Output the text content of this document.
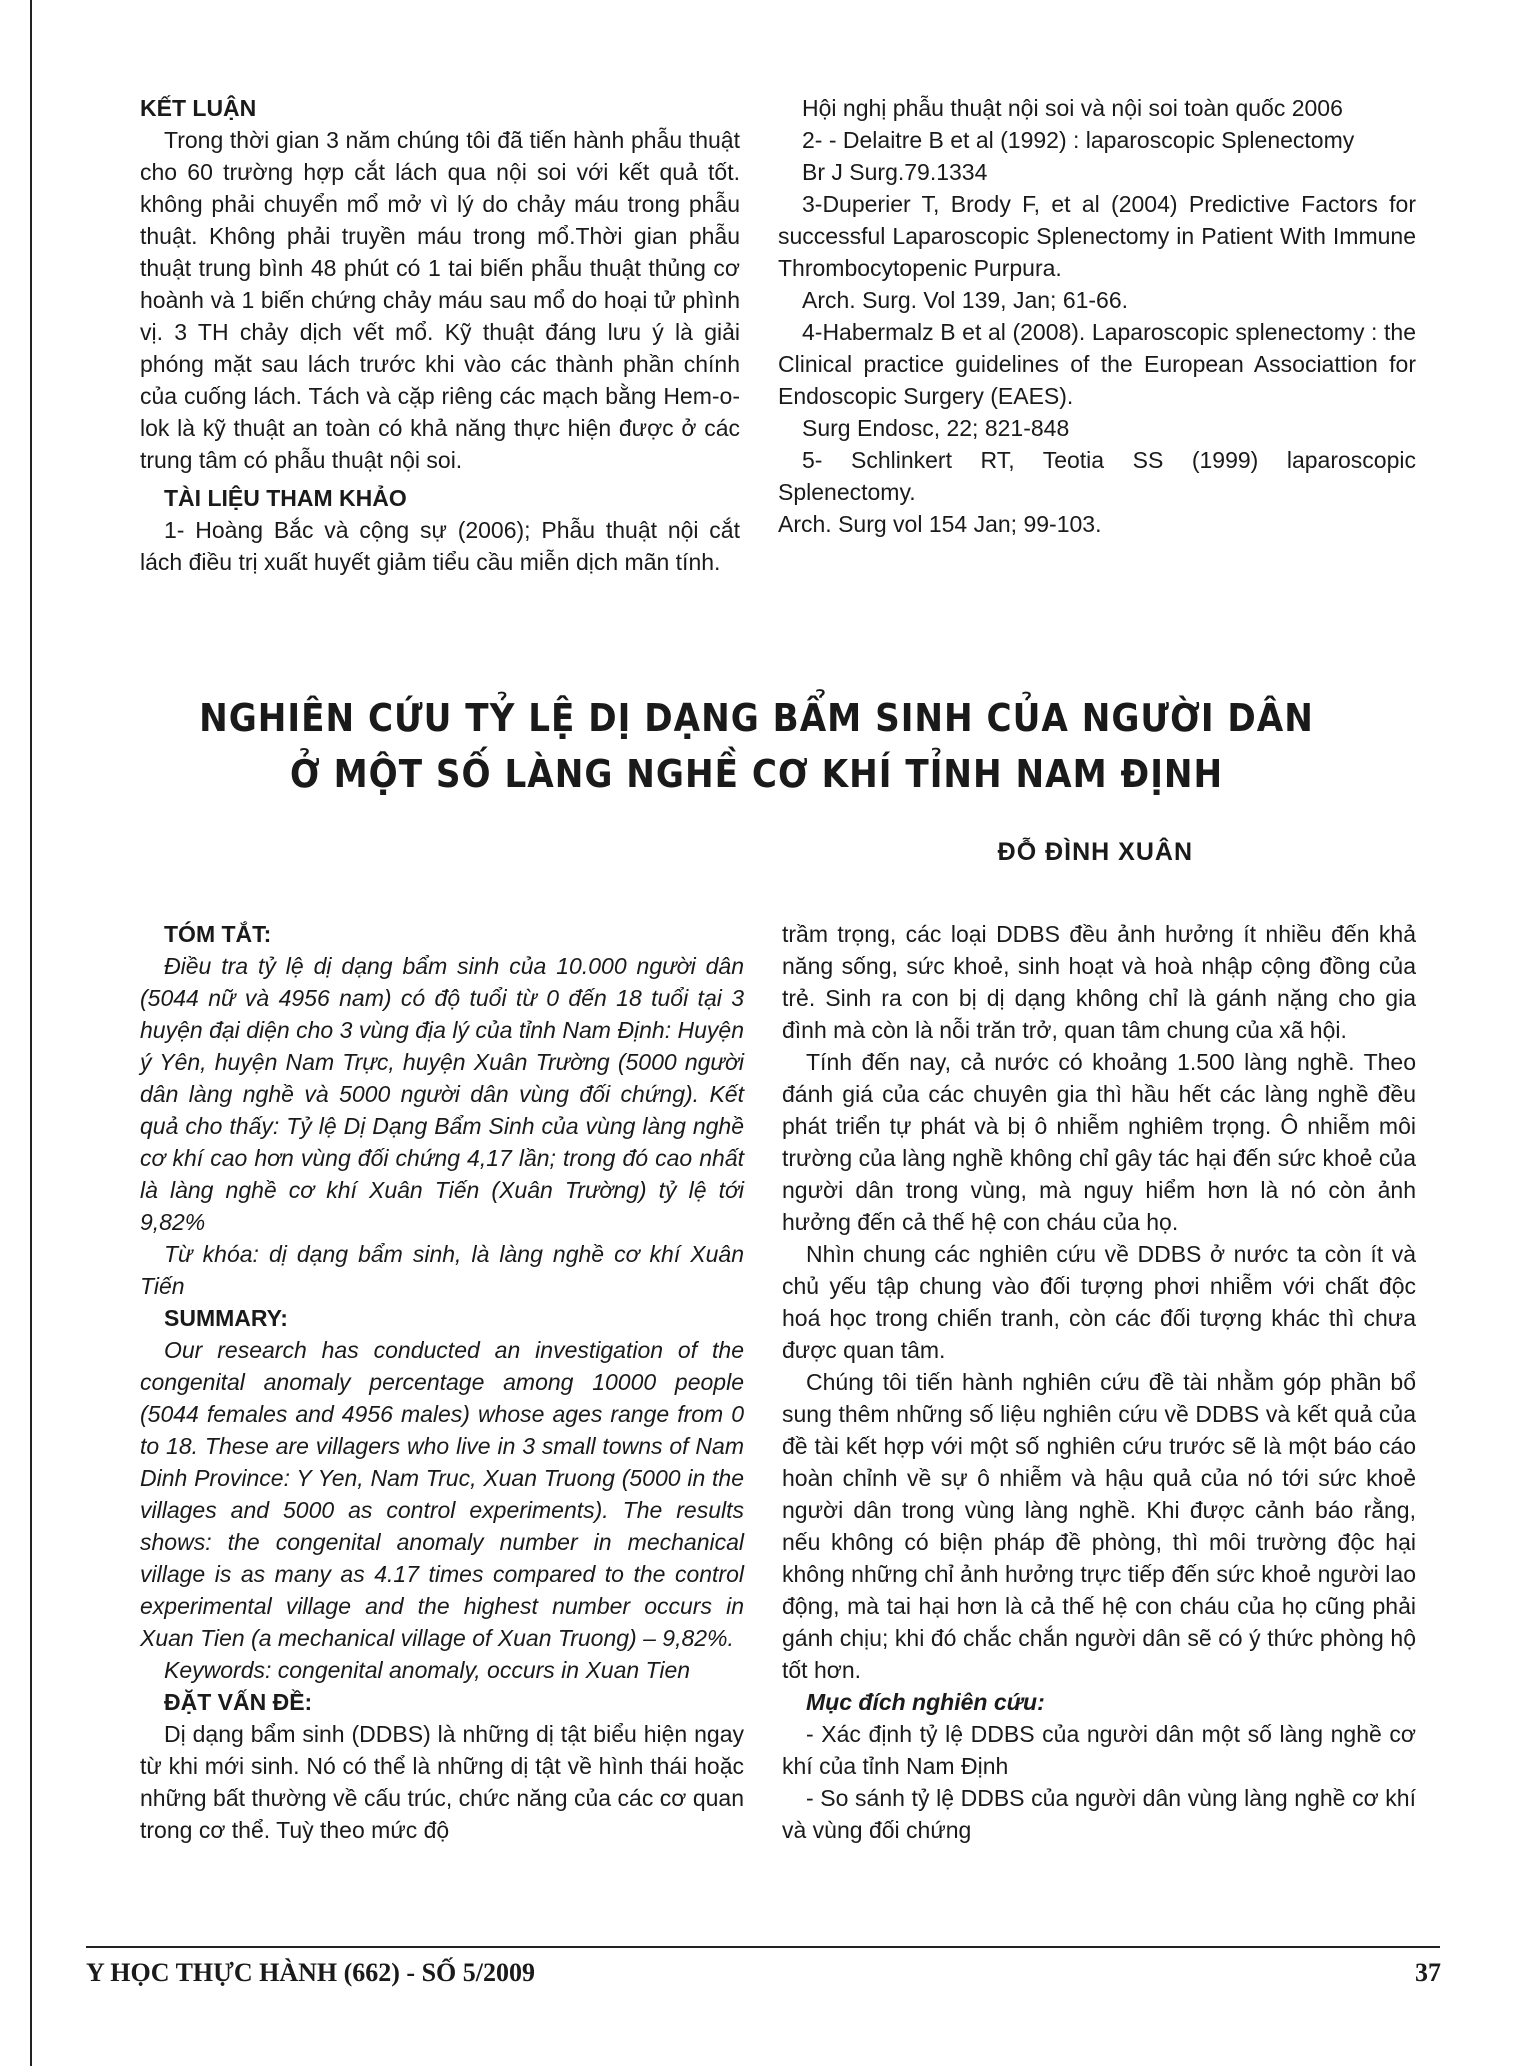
KẾT LUẬN

Trong thời gian 3 năm chúng tôi đã tiến hành phẫu thuật cho 60 trường hợp cắt lách qua nội soi với kết quả tốt. không phải chuyển mổ mở vì lý do chảy máu trong phẫu thuật. Không phải truyền máu trong mổ.Thời gian phẫu thuật trung bình 48 phút có 1 tai biến phẫu thuật thủng cơ hoành và 1 biến chứng chảy máu sau mổ do hoại tử phình vị. 3 TH chảy dịch vết mổ. Kỹ thuật đáng lưu ý là giải phóng mặt sau lách trước khi vào các thành phần chính của cuống lách. Tách và cặp riêng các mạch bằng Hem-o-lok là kỹ thuật an toàn có khả năng thực hiện được ở các trung tâm có phẫu thuật nội soi.

TÀI LIỆU THAM KHẢO

1- Hoàng Bắc và cộng sự (2006); Phẫu thuật nội cắt lách điều trị xuất huyết giảm tiểu cầu miễn dịch mãn tính.

Hội nghị phẫu thuật nội soi và nội soi toàn quốc 2006

2- - Delaitre B et al (1992) : laparoscopic Splenectomy

Br J Surg.79.1334

3-Duperier T, Brody F, et al (2004) Predictive Factors for successful Laparoscopic Splenectomy in Patient With Immune Thrombocytopenic Purpura.

Arch. Surg. Vol 139, Jan; 61-66.

4-Habermalz B et al (2008). Laparoscopic splenectomy : the Clinical practice guidelines of the European Associattion for Endoscopic Surgery (EAES).

Surg Endosc, 22; 821-848

5- Schlinkert RT, Teotia SS (1999) laparoscopic Splenectomy.

Arch. Surg vol 154 Jan; 99-103.

NGHIÊN CỨU TỶ LỆ DỊ DẠNG BẨM SINH CỦA NGƯỜI DÂN
Ở MỘT SỐ LÀNG NGHỀ CƠ KHÍ TỈNH NAM ĐỊNH
ĐỖ ĐÌNH XUÂN
TÓM TẮT:

Điều tra tỷ lệ dị dạng bẩm sinh của 10.000 người dân (5044 nữ và 4956 nam) có độ tuổi từ 0 đến 18 tuổi tại 3 huyện đại diện cho 3 vùng địa lý của tỉnh Nam Định: Huyện ý Yên, huyện Nam Trực, huyện Xuân Trường (5000 người dân làng nghề và 5000 người dân vùng đối chứng). Kết quả cho thấy: Tỷ lệ Dị Dạng Bẩm Sinh của vùng làng nghề cơ khí cao hơn vùng đối chứng 4,17 lần; trong đó cao nhất là làng nghề cơ khí Xuân Tiến (Xuân Trường) tỷ lệ tới 9,82%

Từ khóa: dị dạng bẩm sinh, là làng nghề cơ khí Xuân Tiến

SUMMARY:

Our research has conducted an investigation of the congenital anomaly percentage among 10000 people (5044 females and 4956 males) whose ages range from 0 to 18. These are villagers who live in 3 small towns of Nam Dinh Province: Y Yen, Nam Truc, Xuan Truong (5000 in the villages and 5000 as control experiments). The results shows: the congenital anomaly number in mechanical village is as many as 4.17 times compared to the control experimental village and the highest number occurs in Xuan Tien (a mechanical village of Xuan Truong) – 9,82%.

Keywords: congenital anomaly, occurs in Xuan Tien

ĐẶT VẤN ĐỀ:

Dị dạng bẩm sinh (DDBS) là những dị tật biểu hiện ngay từ khi mới sinh. Nó có thể là những dị tật về hình thái hoặc những bất thường về cấu trúc, chức năng của các cơ quan trong cơ thể. Tuỳ theo mức độ

trầm trọng, các loại DDBS đều ảnh hưởng ít nhiều đến khả năng sống, sức khoẻ, sinh hoạt và hoà nhập cộng đồng của trẻ. Sinh ra con bị dị dạng không chỉ là gánh nặng cho gia đình mà còn là nỗi trăn trở, quan tâm chung của xã hội.

Tính đến nay, cả nước có khoảng 1.500 làng nghề. Theo đánh giá của các chuyên gia thì hầu hết các làng nghề đều phát triển tự phát và bị ô nhiễm nghiêm trọng. Ô nhiễm môi trường của làng nghề không chỉ gây tác hại đến sức khoẻ của người dân trong vùng, mà nguy hiểm hơn là nó còn ảnh hưởng đến cả thế hệ con cháu của họ.

Nhìn chung các nghiên cứu về DDBS ở nước ta còn ít và chủ yếu tập chung vào đối tượng phơi nhiễm với chất độc hoá học trong chiến tranh, còn các đối tượng khác thì chưa được quan tâm.

Chúng tôi tiến hành nghiên cứu đề tài nhằm góp phần bổ sung thêm những số liệu nghiên cứu về DDBS và kết quả của đề tài kết hợp với một số nghiên cứu trước sẽ là một báo cáo hoàn chỉnh về sự ô nhiễm và hậu quả của nó tới sức khoẻ người dân trong vùng làng nghề. Khi được cảnh báo rằng, nếu không có biện pháp đề phòng, thì môi trường độc hại không những chỉ ảnh hưởng trực tiếp đến sức khoẻ người lao động, mà tai hại hơn là cả thế hệ con cháu của họ cũng phải gánh chịu; khi đó chắc chắn người dân sẽ có ý thức phòng hộ tốt hơn.

Mục đích nghiên cứu:

- Xác định tỷ lệ DDBS của người dân một số làng nghề cơ khí của tỉnh Nam Định

- So sánh tỷ lệ DDBS của người dân vùng làng nghề cơ khí và vùng đối chứng

Y HỌC THỰC HÀNH (662) - SỐ 5/2009	37
